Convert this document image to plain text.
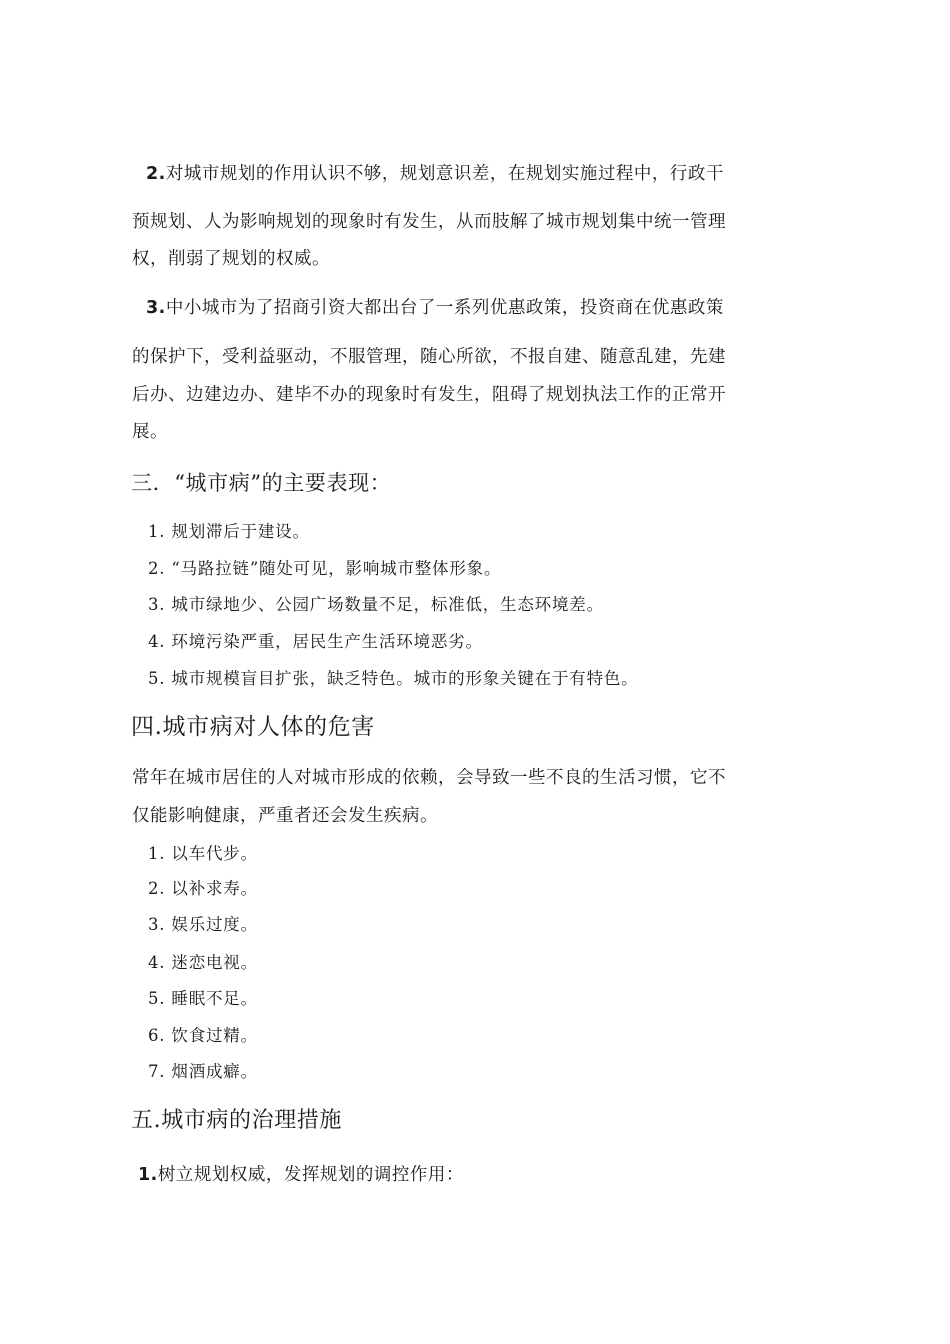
2.对城市规划的作用认识不够，规划意识差，在规划实施过程中，行政干
预规划、人为影响规划的现象时有发生，从而肢解了城市规划集中统一管理
权，削弱了规划的权威。
3.中小城市为了招商引资大都出台了一系列优惠政策，投资商在优惠政策
的保护下，受利益驱动，不服管理，随心所欲，不报自建、随意乱建，先建
后办、边建边办、建毕不办的现象时有发生，阻碍了规划执法工作的正常开
展。
三．“城市病”的主要表现：
1. 规划滞后于建设。
2. “马路拉链”随处可见，影响城市整体形象。
3. 城市绿地少、公园广场数量不足，标准低，生态环境差。
4. 环境污染严重，居民生产生活环境恶劣。
5. 城市规模盲目扩张，缺乏特色。城市的形象关键在于有特色。
四.城市病对人体的危害
常年在城市居住的人对城市形成的依赖，会导致一些不良的生活习惯，它不
仅能影响健康，严重者还会发生疾病。
1. 以车代步。
2. 以补求寿。
3. 娱乐过度。
4. 迷恋电视。
5. 睡眠不足。
6. 饮食过精。
7. 烟酒成癖。
五.城市病的治理措施
1.树立规划权威，发挥规划的调控作用：
